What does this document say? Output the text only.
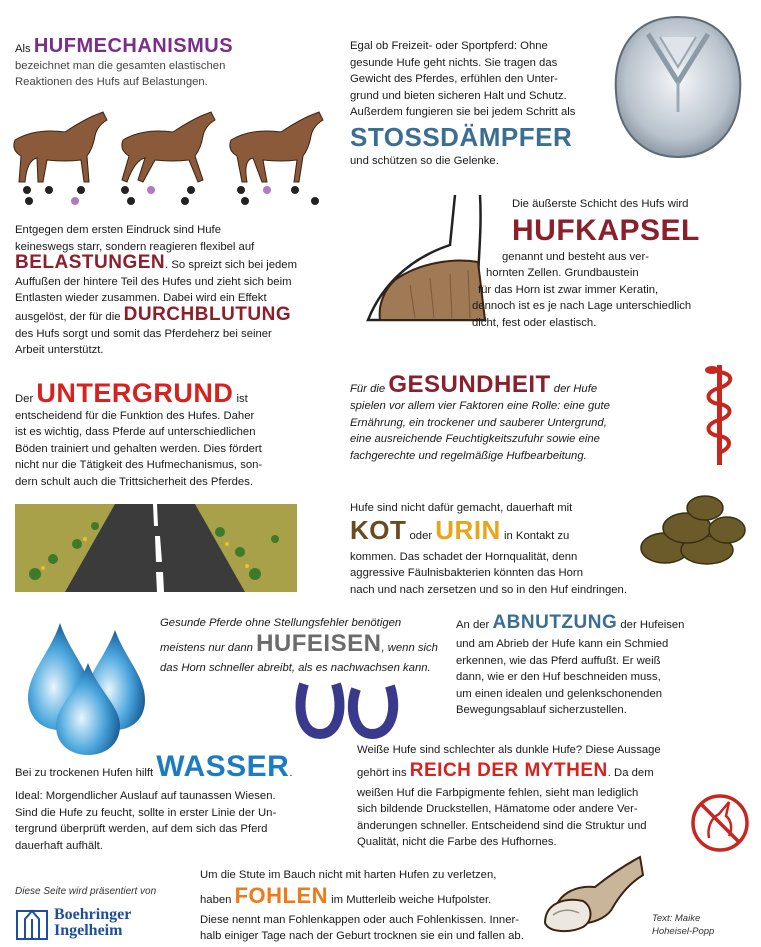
Als HUFMECHANISMUS
bezeichnet man die gesamten elastischen
Reaktionen des Hufs auf Belastungen.
Egal ob Freizeit- oder Sportpferd: Ohne
gesunde Hufe geht nichts. Sie tragen das
Gewicht des Pferdes, erfühlen den Unter-
grund und bieten sicheren Halt und Schutz.
Außerdem fungieren sie bei jedem Schritt als
STOSSDÄMPFER
und schützen so die Gelenke.
Entgegen dem ersten Eindruck sind Hufe
keineswegs starr, sondern reagieren flexibel auf
BELASTUNGEN. So spreizt sich bei jedem
Auffußen der hintere Teil des Hufes und zieht sich beim
Entlasten wieder zusammen. Dabei wird ein Effekt
ausgelöst, der für die DURCHBLUTUNG
des Hufs sorgt und somit das Pferdeherz bei seiner
Arbeit unterstützt.
Die äußerste Schicht des Hufs wird
HUFKAPSEL
genannt und besteht aus ver-
hornten Zellen. Grundbaustein
für das Horn ist zwar immer Keratin,
dennoch ist es je nach Lage unterschiedlich
dicht, fest oder elastisch.
Der UNTERGRUND ist
entscheidend für die Funktion des Hufes. Daher
ist es wichtig, dass Pferde auf unterschiedlichen
Böden trainiert und gehalten werden. Dies fördert
nicht nur die Tätigkeit des Hufmechanismus, son-
dern schult auch die Trittsicherheit des Pferdes.
Für die GESUNDHEIT der Hufe
spielen vor allem vier Faktoren eine Rolle: eine gute
Ernährung, ein trockener und sauberer Untergrund,
eine ausreichende Feuchtigkeitszufuhr sowie eine
fachgerechte und regelmäßige Hufbearbeitung.
Hufe sind nicht dafür gemacht, dauerhaft mit
KOT oder URIN in Kontakt zu
kommen. Das schadet der Hornqualität, denn
aggressive Fäulnisbakterien könnten das Horn
nach und nach zersetzen und so in den Huf eindringen.
Gesunde Pferde ohne Stellungsfehler benötigen
meistens nur dann HUFEISEN, wenn sich
das Horn schneller abreibt, als es nachwachsen kann.
An der ABNUTZUNG der Hufeisen
und am Abrieb der Hufe kann ein Schmied
erkennen, wie das Pferd auffußt. Er weiß
dann, wie er den Huf beschneiden muss,
um einen idealen und gelenkschonenden
Bewegungsablauf sicherzustellen.
Bei zu trockenen Hufen hilft WASSER.
Ideal: Morgendlicher Auslauf auf taunassen Wiesen.
Sind die Hufe zu feucht, sollte in erster Linie der Un-
tergrund überprüft werden, auf dem sich das Pferd
dauerhaft aufhält.
Weiße Hufe sind schlechter als dunkle Hufe? Diese Aussage
gehört ins REICH DER MYTHEN. Da dem
weißen Huf die Farbpigmente fehlen, sieht man lediglich
sich bildende Druckstellen, Hämatome oder andere Ver-
änderungen schneller. Entscheidend sind die Struktur und
Qualität, nicht die Farbe des Hufhornes.
Um die Stute im Bauch nicht mit harten Hufen zu verletzen,
haben FOHLEN im Mutterleib weiche Hufpolster.
Diese nennt man Fohlenkappen oder auch Fohlenkissen. Inner-
halb einiger Tage nach der Geburt trocknen sie ein und fallen ab.
Diese Seite wird präsentiert von
Boehringer
Ingelheim
Text: Maike
Hoheisel-Popp
